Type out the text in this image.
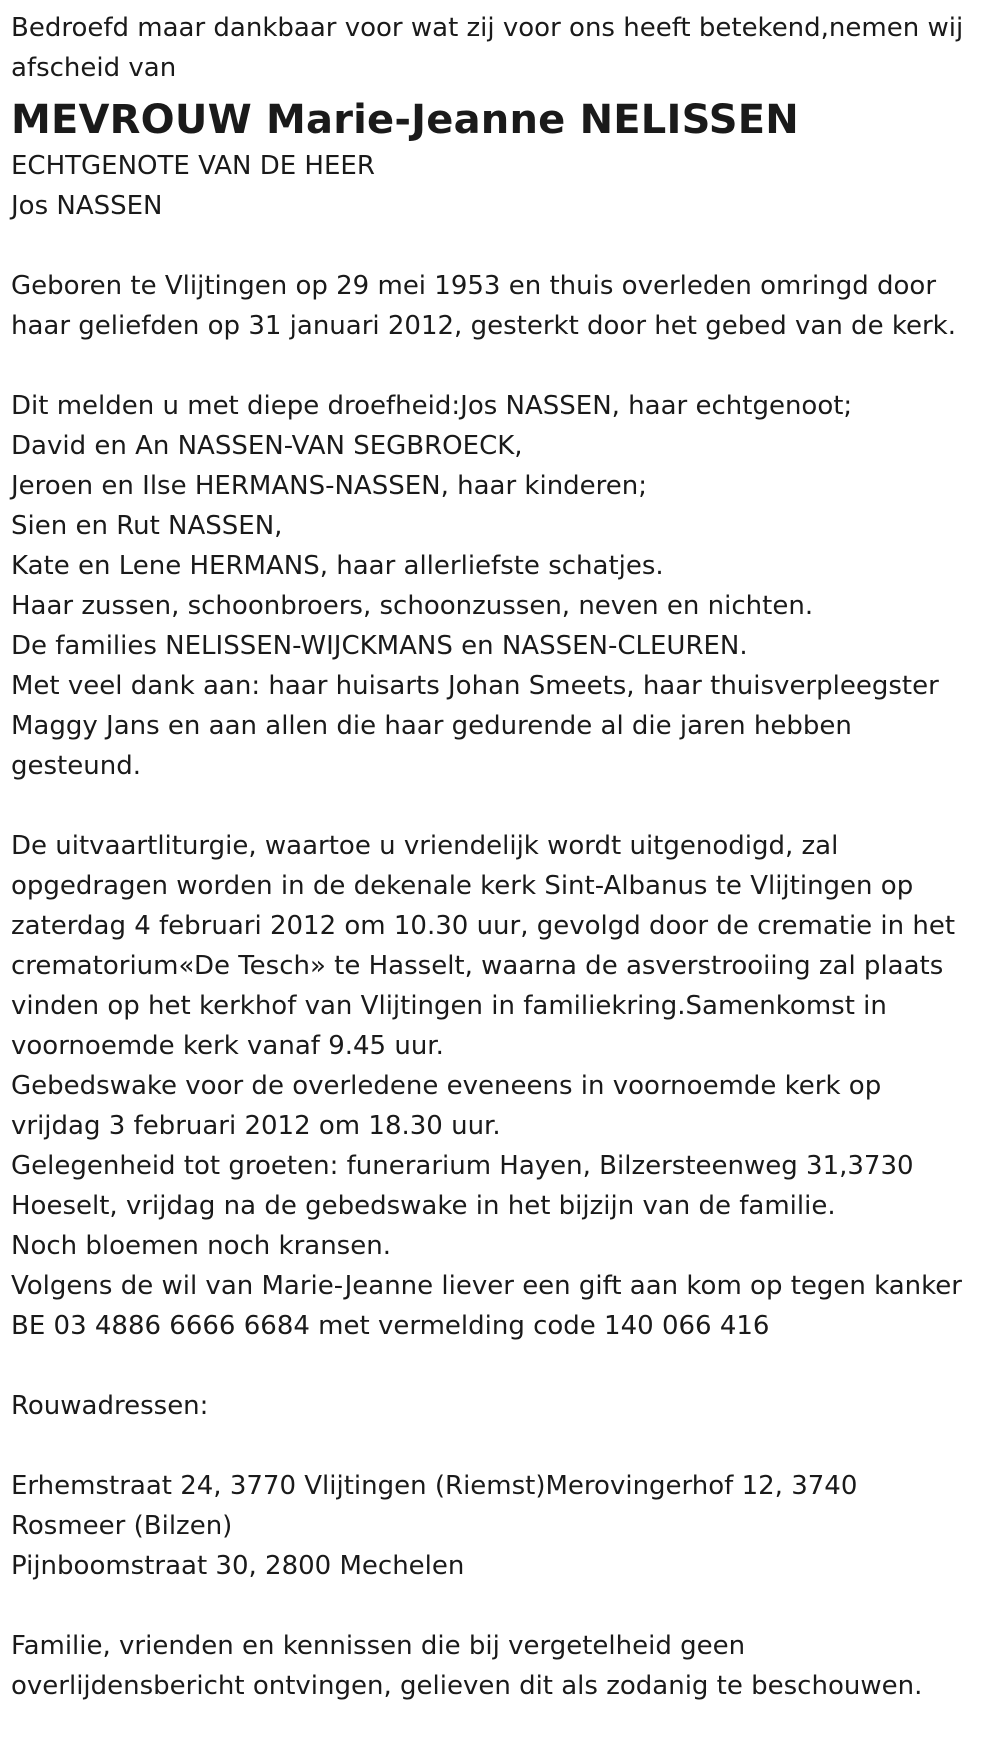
Bedroefd maar dankbaar voor wat zij voor ons heeft betekend,nemen wij
afscheid van

MEVROUW Marie-Jeanne NELISSEN

ECHTGENOTE VAN DE HEER
Jos NASSEN

Geboren te Vlijtingen op 29 mei 1953 en thuis overleden omringd door
haar geliefden op 31 januari 2012, gesterkt door het gebed van de kerk.

Dit melden u met diepe droefheid:Jos NASSEN, haar echtgenoot;
David en An NASSEN-VAN SEGBROECK,
Jeroen en Ilse HERMANS-NASSEN, haar kinderen;
Sien en Rut NASSEN,
Kate en Lene HERMANS, haar allerliefste schatjes.
Haar zussen, schoonbroers, schoonzussen, neven en nichten.
De families NELISSEN-WIJCKMANS en NASSEN-CLEUREN.
Met veel dank aan: haar huisarts Johan Smeets, haar thuisverpleegster
Maggy Jans en aan allen die haar gedurende al die jaren hebben
gesteund.

De uitvaartliturgie, waartoe u vriendelijk wordt uitgenodigd, zal
opgedragen worden in de dekenale kerk Sint-Albanus te Vlijtingen op
zaterdag 4 februari 2012 om 10.30 uur, gevolgd door de crematie in het
crematorium«De Tesch» te Hasselt, waarna de asverstrooiing zal plaats
vinden op het kerkhof van Vlijtingen in familiekring.Samenkomst in
voornoemde kerk vanaf 9.45 uur.
Gebedswake voor de overledene eveneens in voornoemde kerk op
vrijdag 3 februari 2012 om 18.30 uur.
Gelegenheid tot groeten: funerarium Hayen, Bilzersteenweg 31,3730
Hoeselt, vrijdag na de gebedswake in het bijzijn van de familie.
Noch bloemen noch kransen.
Volgens de wil van Marie-Jeanne liever een gift aan kom op tegen kanker
BE 03 4886 6666 6684 met vermelding code 140 066 416

Rouwadressen:

Erhemstraat 24, 3770 Vlijtingen (Riemst)Merovingerhof 12, 3740
Rosmeer (Bilzen)
Pijnboomstraat 30, 2800 Mechelen

Familie, vrienden en kennissen die bij vergetelheid geen
overlijdensbericht ontvingen, gelieven dit als zodanig te beschouwen.
